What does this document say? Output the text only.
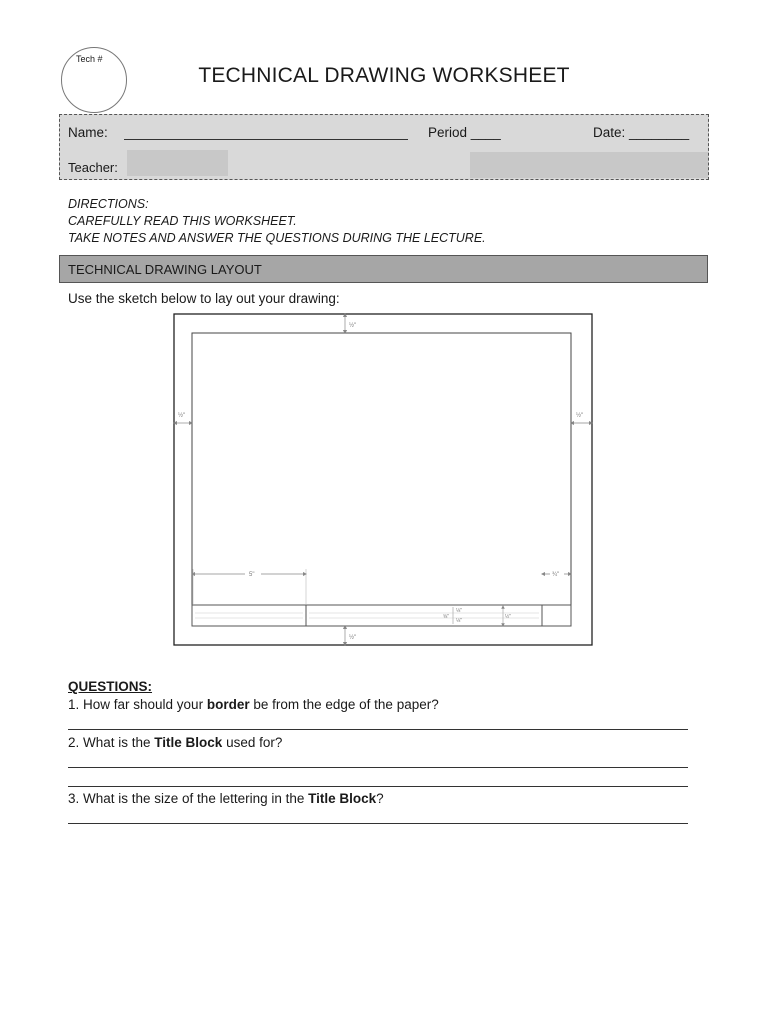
Tech #
TECHNICAL DRAWING WORKSHEET
Name:	Period ____	Date: ________
Teacher:
DIRECTIONS:
CAREFULLY READ THIS WORKSHEET.
TAKE NOTES AND ANSWER THE QUESTIONS DURING THE LECTURE.
TECHNICAL DRAWING LAYOUT
Use the sketch below to lay out your drawing:
½"
½"
½"	½"
5"	¾"
⅝"
⅛"
⅛"
½"
QUESTIONS:
1. How far should your border be from the edge of the paper?
2. What is the Title Block used for?
3. What is the size of the lettering in the Title Block?
